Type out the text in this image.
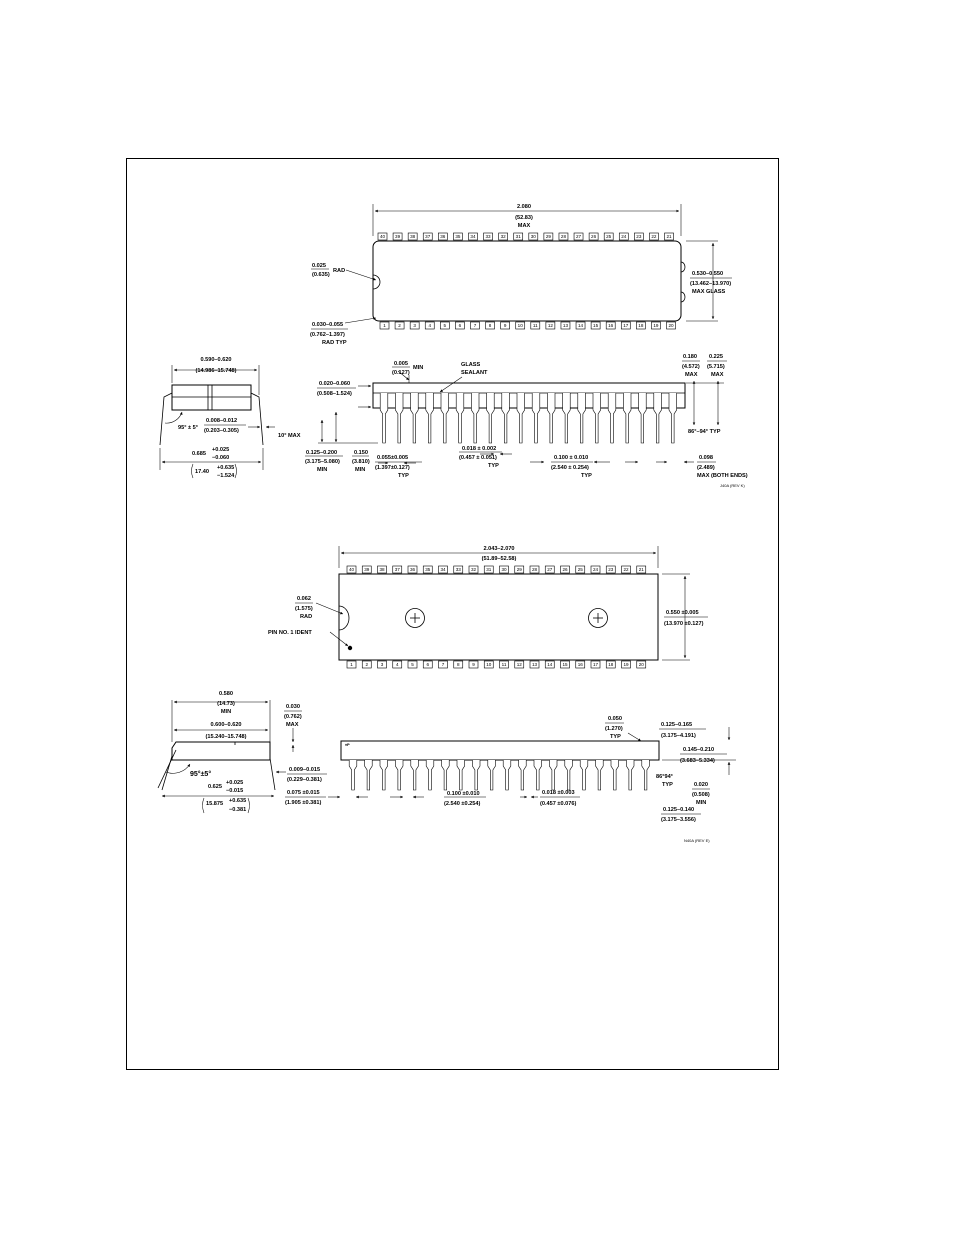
40 39 38 37 36 35 34 33 32 31 30 29 28 27 26 25 24 23 22 21
1	2	3	4	5	6	7	8	9 10 11 12 13 14 15 16 17 18 19 20
2.080
(52.83)
MAX
0.025
(0.635)
RAD	0.530–0.550
(13.462–13.970)
MAX GLASS
0.030–0.055
(0.762–1.397)
RAD TYP
0.590–0.620
(14.986–15.748)
95° ± 5°
0.008–0.012
(0.203–0.305)
10° MAX
0.685
+0.025
−0.060
17.40
+0.635
−1.524
0.005
(0.127)
MIN	GLASS
SEALANT
0.020–0.060
(0.508–1.524)
0.180
(4.572)
MAX
0.225
(5.715)
MAX
86°–94° TYP
0.125–0.200
(3.175–5.080)
MIN
0.150
(3.810)
MIN
0.055±0.005
(1.397±0.127)
TYP
0.018 ± 0.002
(0.457 ± 0.051)
TYP
0.100 ± 0.010
(2.540 ± 0.254)
TYP
0.098
(2.489)
MAX (BOTH ENDS)
J40A (REV K)
40 39 38 37 36 35 34 33 32 31 30 29 28 27 26 25 24 23 22 21
1	2	3	4	5	6	7	8	9 10 11 12 13 14 15 16 17 18 19 20
2.043–2.070
(51.89–52.58)
0.062
(1.575)
RAD
PIN NO. 1 IDENT
0.550 ±0.005
(13.970 ±0.127)
0.580
(14.73)
MIN
0.600–0.620
(15.240–15.748)
0.030
(0.762)
MAX
95°±5°
0.625
+0.025
−0.015
15.875 +0.635
−0.381
0.009–0.015
(0.229–0.381)
0.075 ±0.015
(1.905 ±0.381)
♦P
0.050
(1.270)
TYP
0.125–0.165
(3.175–4.191)
0.145–0.210
(3.683–5.334)
86°94°
TYP	0.020
(0.508)
MIN
0.125–0.140
(3.175–3.556)
0.100 ±0.010
(2.540 ±0.254)
0.018 ±0.003
(0.457 ±0.076)
N40A (REV E)
